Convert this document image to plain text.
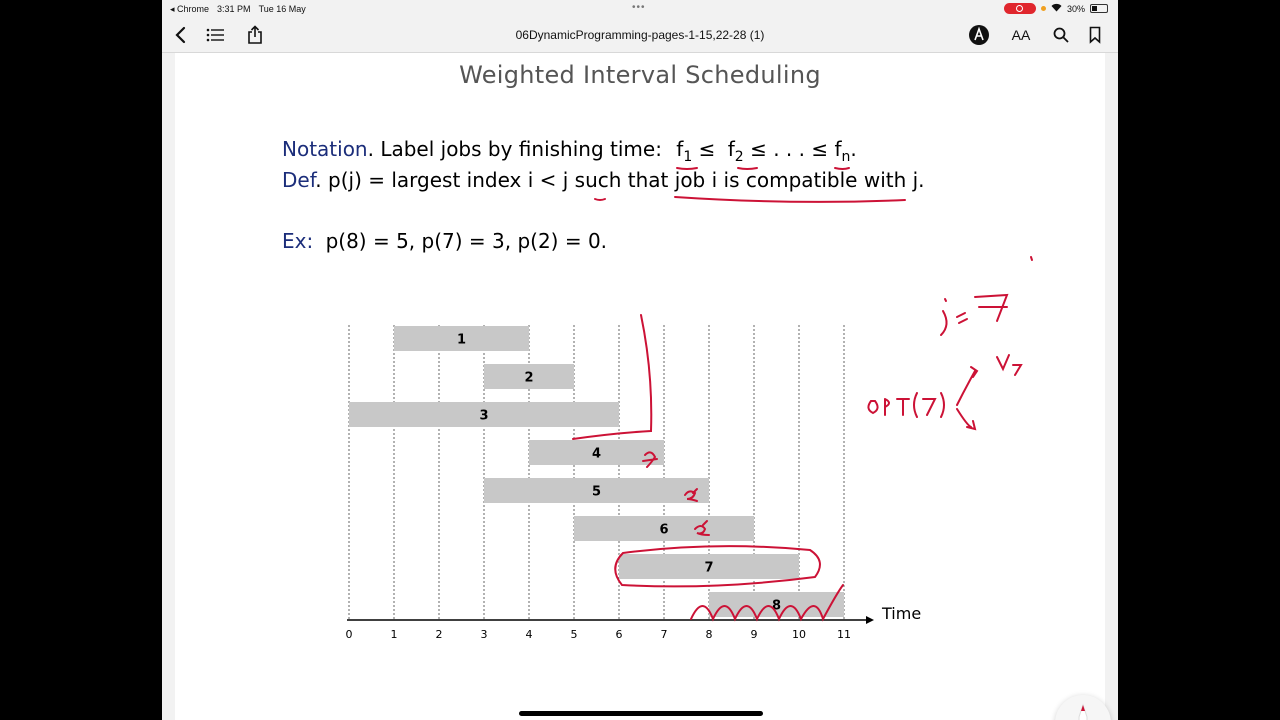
◂ Chrome 3:31 PM Tue 16 May	•••	30%
06DynamicProgramming-pages-1-15,22-28 (1)	AA
Weighted Interval Scheduling
Notation. Label jobs by finishing time: $f_1 \le f_2$ ≤ . . . ≤ $f_n$.
Def. p(j) = largest index i < j such that job i is compatible with j.
Ex: p(8) = 5, p(7) = 3, p(2) = 0.
1
2
3
4
5
6
7
8
0	1	2	3	4	5	6	7	8	9	10	11
Time
